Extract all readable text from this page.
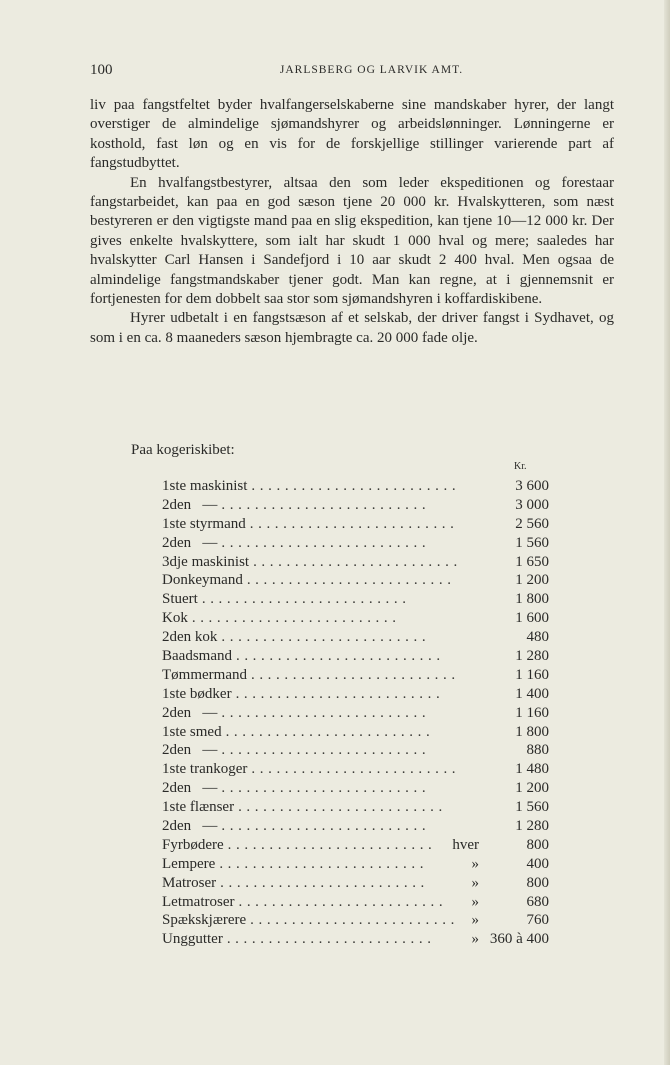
100	JARLSBERG OG LARVIK AMT.

liv paa fangstfeltet byder hvalfangerselskaberne sine mandskaber hyrer, der langt overstiger de almindelige sjømandshyrer og arbeidslønninger. Lønningerne er kosthold, fast løn og en vis for de forskjellige stillinger varierende part af fangstudbyttet.

En hvalfangstbestyrer, altsaa den som leder ekspeditionen og forestaar fangstarbeidet, kan paa en god sæson tjene 20 000 kr. Hvalskytteren, som næst bestyreren er den vigtigste mand paa en slig ekspedition, kan tjene 10—12 000 kr. Der gives enkelte hvalskyttere, som ialt har skudt 1 000 hval og mere; saaledes har hvalskytter Carl Hansen i Sandefjord i 10 aar skudt 2 400 hval. Men ogsaa de almindelige fangstmandskaber tjener godt. Man kan regne, at i gjennemsnit er fortjenesten for dem dobbelt saa stor som sjømandshyren i koffardiskibene.

Hyrer udbetalt i en fangstsæson af et selskab, der driver fangst i Sydhavet, og som i en ca. 8 maaneders sæson hjembragte ca. 20 000 fade olje.

Paa kogeriskibet:
Kr.
1ste maskinist .........................	3 600
2den   — .........................	3 000
1ste styrmand .........................	2 560
2den   — .........................	1 560
3dje maskinist .........................	1 650
Donkeymand .........................	1 200
Stuert .........................	1 800
Kok .........................	1 600
2den kok .........................	480
Baadsmand .........................	1 280
Tømmermand .........................	1 160
1ste bødker .........................	1 400
2den   — .........................	1 160
1ste smed .........................	1 800
2den   — .........................	880
1ste trankoger .........................	1 480
2den   — .........................	1 200
1ste flænser .........................	1 560
2den   — .........................	1 280
Fyrbødere .........................	hver	800
Lempere .........................	»	400
Matroser .........................	»	800
Letmatroser .........................	»	680
Spækskjærere ......................... »	760
Unggutter .........................	» 360 à 400
